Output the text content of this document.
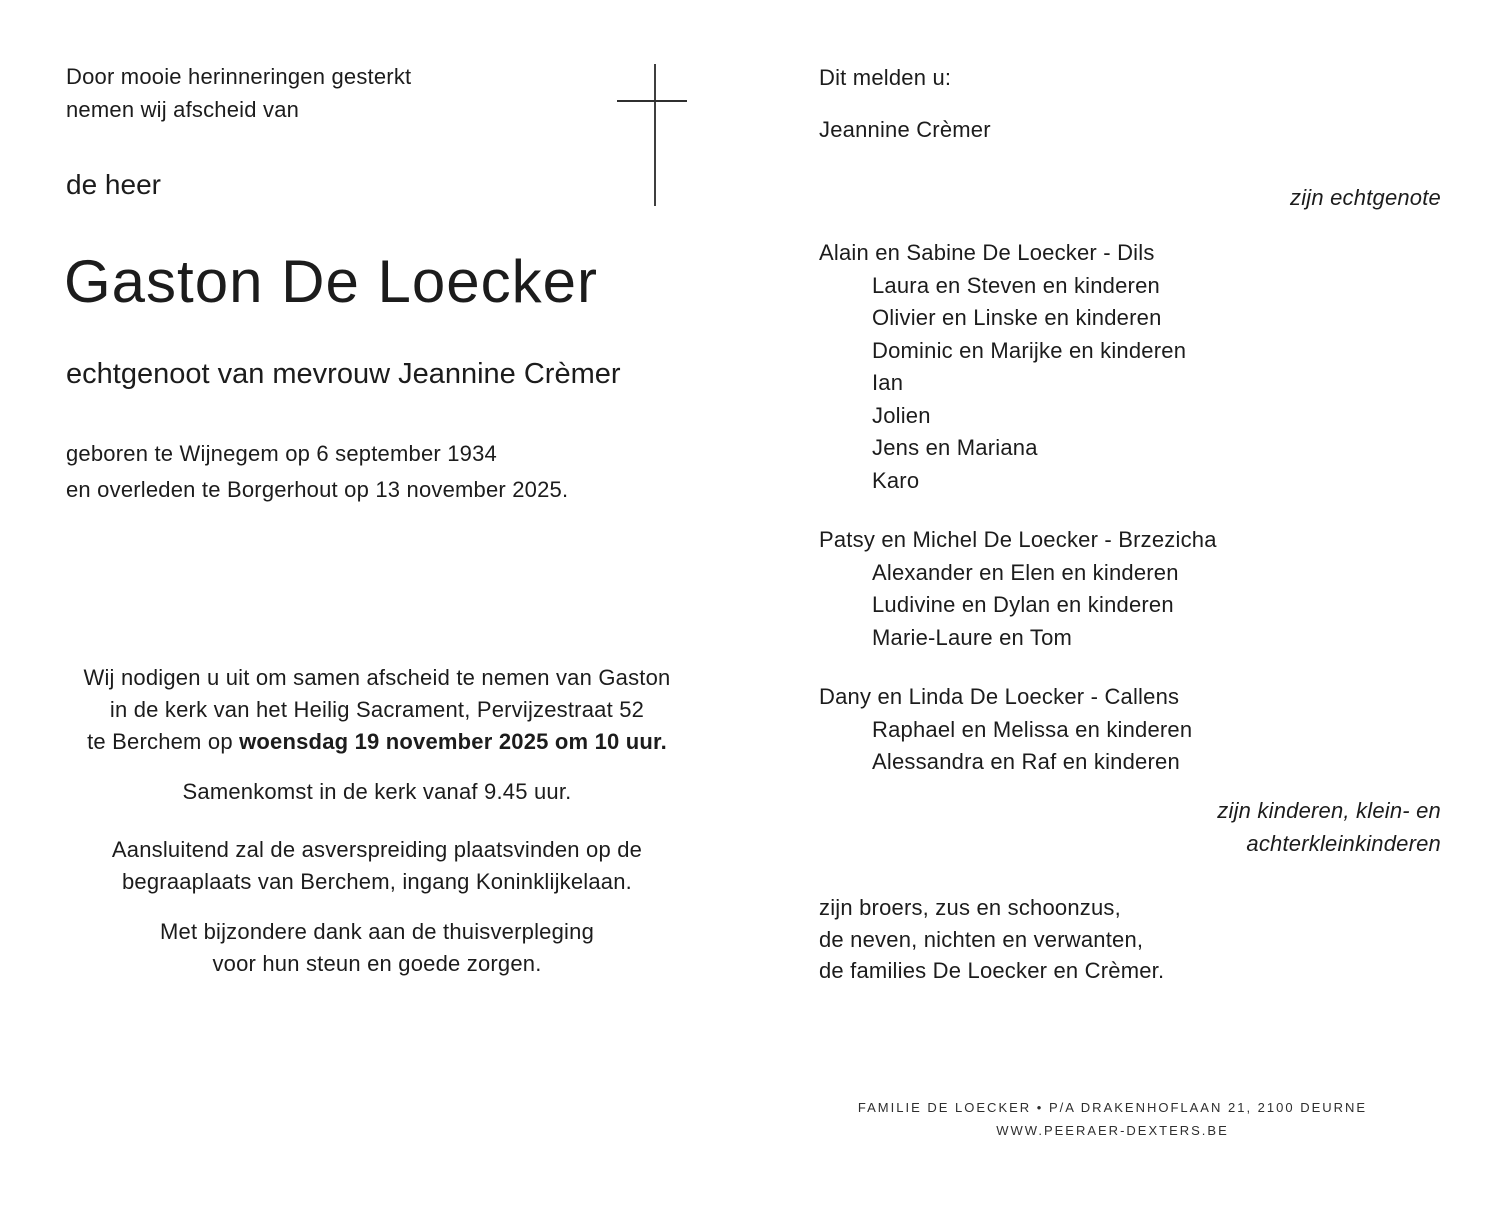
Door mooie herinneringen gesterkt
nemen wij afscheid van
de heer
Gaston De Loecker
echtgenoot van mevrouw Jeannine Crèmer
geboren te Wijnegem op 6 september 1934
en overleden te Borgerhout op 13 november 2025.
Wij nodigen u uit om samen afscheid te nemen van Gaston
in de kerk van het Heilig Sacrament, Pervijzestraat 52
te Berchem op woensdag 19 november 2025 om 10 uur.
Samenkomst in de kerk vanaf 9.45 uur.
Aansluitend zal de asverspreiding plaatsvinden op de
begraaplaats van Berchem, ingang Koninklijkelaan.
Met bijzondere dank aan de thuisverpleging
voor hun steun en goede zorgen.
Dit melden u:
Jeannine Crèmer
zijn echtgenote
Alain en Sabine De Loecker - Dils
Laura en Steven en kinderen
Olivier en Linske en kinderen
Dominic en Marijke en kinderen
Ian
Jolien
Jens en Mariana
Karo
Patsy en Michel De Loecker - Brzezicha
Alexander en Elen en kinderen
Ludivine en Dylan en kinderen
Marie-Laure en Tom
Dany en Linda De Loecker - Callens
Raphael en Melissa en kinderen
Alessandra en Raf en kinderen
zijn kinderen, klein- en
achterkleinkinderen
zijn broers, zus en schoonzus,
de neven, nichten en verwanten,
de families De Loecker en Crèmer.
FAMILIE DE LOECKER • P/A DRAKENHOFLAAN 21, 2100 DEURNE
WWW.PEERAER-DEXTERS.BE
